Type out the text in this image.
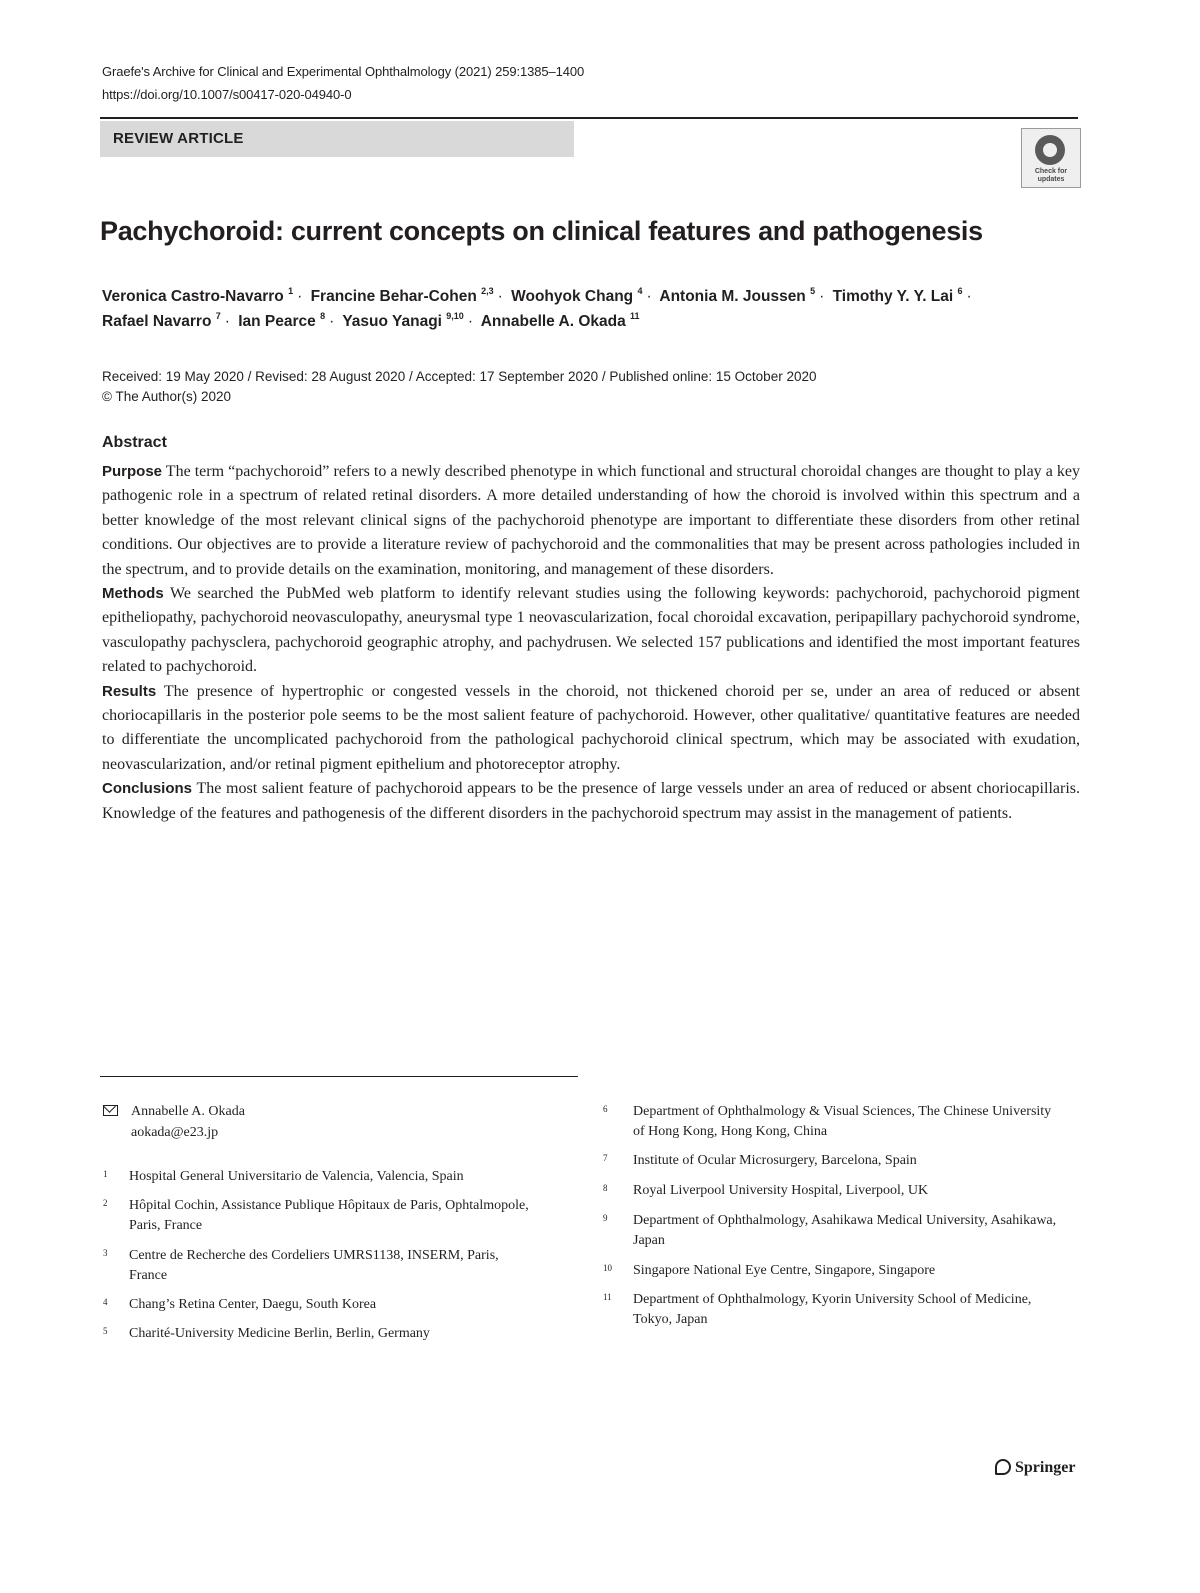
Graefe's Archive for Clinical and Experimental Ophthalmology (2021) 259:1385–1400
https://doi.org/10.1007/s00417-020-04940-0
REVIEW ARTICLE
Check for updates
Pachychoroid: current concepts on clinical features and pathogenesis
Veronica Castro-Navarro $^1$ · Francine Behar-Cohen $^{2,3}$ · Woohyok Chang $^4$ · Antonia M. Joussen $^5$ · Timothy Y. Y. Lai $^6$ ·
Rafael Navarro $^7$ · Ian Pearce $^8$ · Yasuo Yanagi $^{9,10}$ · Annabelle A. Okada $^{11}$
Received: 19 May 2020 / Revised: 28 August 2020 / Accepted: 17 September 2020 / Published online: 15 October 2020
© The Author(s) 2020
Abstract

Purpose The term “pachychoroid” refers to a newly described phenotype in which functional and structural choroidal changes are thought to play a key pathogenic role in a spectrum of related retinal disorders. A more detailed understanding of how the choroid is involved within this spectrum and a better knowledge of the most relevant clinical signs of the pachychoroid phenotype are important to differentiate these disorders from other retinal conditions. Our objectives are to provide a literature review of pachychoroid and the commonalities that may be present across pathologies included in the spectrum, and to provide details on the examination, monitoring, and management of these disorders.

Methods We searched the PubMed web platform to identify relevant studies using the following keywords: pachychoroid, pachychoroid pigment epitheliopathy, pachychoroid neovasculopathy, aneurysmal type 1 neovascularization, focal choroidal excavation, peripapillary pachychoroid syndrome, vasculopathy pachysclera, pachychoroid geographic atrophy, and pachydrusen. We selected 157 publications and identified the most important features related to pachychoroid.

Results The presence of hypertrophic or congested vessels in the choroid, not thickened choroid per se, under an area of reduced or absent choriocapillaris in the posterior pole seems to be the most salient feature of pachychoroid. However, other qualitative/ quantitative features are needed to differentiate the uncomplicated pachychoroid from the pathological pachychoroid clinical spectrum, which may be associated with exudation, neovascularization, and/or retinal pigment epithelium and photoreceptor atrophy.

Conclusions The most salient feature of pachychoroid appears to be the presence of large vessels under an area of reduced or absent choriocapillaris. Knowledge of the features and pathogenesis of the different disorders in the pachychoroid spectrum may assist in the management of patients.

Annabelle A. Okada
aokada@e23.jp
1 Hospital General Universitario de Valencia, Valencia, Spain
2 Hôpital Cochin, Assistance Publique Hôpitaux de Paris, Ophtalmopole, Paris, France
3 Centre de Recherche des Cordeliers UMRS1138, INSERM, Paris, France
4 Chang’s Retina Center, Daegu, South Korea
5 Charité-University Medicine Berlin, Berlin, Germany
6 Department of Ophthalmology & Visual Sciences, The Chinese University of Hong Kong, Hong Kong, China
7 Institute of Ocular Microsurgery, Barcelona, Spain
8 Royal Liverpool University Hospital, Liverpool, UK
9 Department of Ophthalmology, Asahikawa Medical University, Asahikawa, Japan
10 Singapore National Eye Centre, Singapore, Singapore
11 Department of Ophthalmology, Kyorin University School of Medicine, Tokyo, Japan
Springer
